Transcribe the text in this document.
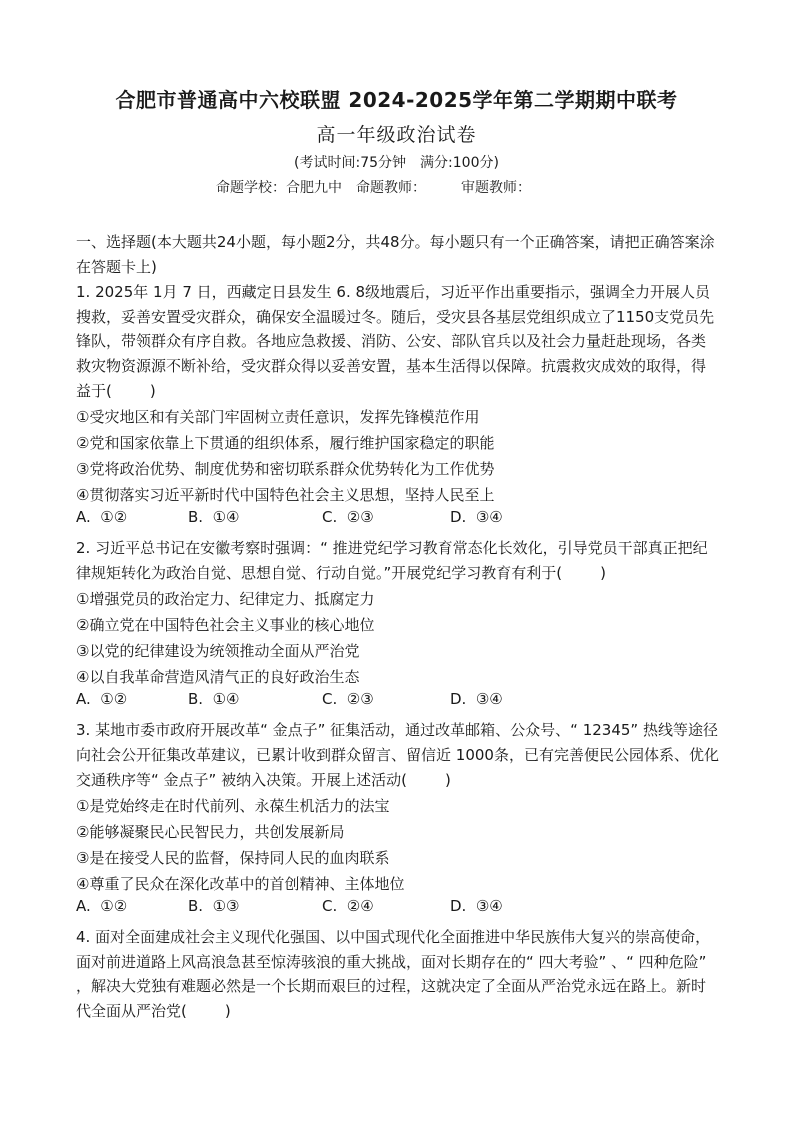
合肥市普通高中六校联盟 2024-2025学年第二学期期中联考
高一年级政治试卷
(考试时间:75分钟　满分:100分)
命题学校：合肥九中　命题教师：　　　审题教师：

一、选择题(本大题共24小题，每小题2分，共48分。每小题只有一个正确答案，请把正确答案涂在答题卡上)

1. 2025年 1月 7 日，西藏定日县发生 6. 8级地震后，习近平作出重要指示，强调全力开展人员搜救，妥善安置受灾群众，确保安全温暖过冬。随后，受灾县各基层党组织成立了1150支党员先锋队，带领群众有序自救。各地应急救援、消防、公安、部队官兵以及社会力量赶赴现场，各类救灾物资源源不断补给，受灾群众得以妥善安置，基本生活得以保障。抗震救灾成效的取得，得益于(	)

①受灾地区和有关部门牢固树立责任意识，发挥先锋模范作用

②党和国家依靠上下贯通的组织体系，履行维护国家稳定的职能

③党将政治优势、制度优势和密切联系群众优势转化为工作优势

④贯彻落实习近平新时代中国特色社会主义思想，坚持人民至上

A.  ①②	B.  ①④	C.  ②③	D.  ③④

2. 习近平总书记在安徽考察时强调：“ 推进党纪学习教育常态化长效化，引导党员干部真正把纪律规矩转化为政治自觉、思想自觉、行动自觉。”开展党纪学习教育有利于(	)

①增强党员的政治定力、纪律定力、抵腐定力

②确立党在中国特色社会主义事业的核心地位

③以党的纪律建设为统领推动全面从严治党

④以自我革命营造风清气正的良好政治生态

A.  ①②	B.  ①④	C.  ②③	D.  ③④

3. 某地市委市政府开展改革“ 金点子” 征集活动，通过改革邮箱、公众号、“ 12345” 热线等途径向社会公开征集改革建议，已累计收到群众留言、留信近 1000条，已有完善便民公园体系、优化交通秩序等“ 金点子” 被纳入决策。开展上述活动(	)

①是党始终走在时代前列、永葆生机活力的法宝

②能够凝聚民心民智民力，共创发展新局

③是在接受人民的监督，保持同人民的血肉联系

④尊重了民众在深化改革中的首创精神、主体地位

A.  ①②	B.  ①③	C.  ②④	D.  ③④

4. 面对全面建成社会主义现代化强国、以中国式现代化全面推进中华民族伟大复兴的崇高使命，面对前进道路上风高浪急甚至惊涛骇浪的重大挑战，面对长期存在的“ 四大考验” 、“ 四种危险” ，解决大党独有难题必然是一个长期而艰巨的过程，这就决定了全面从严治党永远在路上。新时代全面从严治党(	)
